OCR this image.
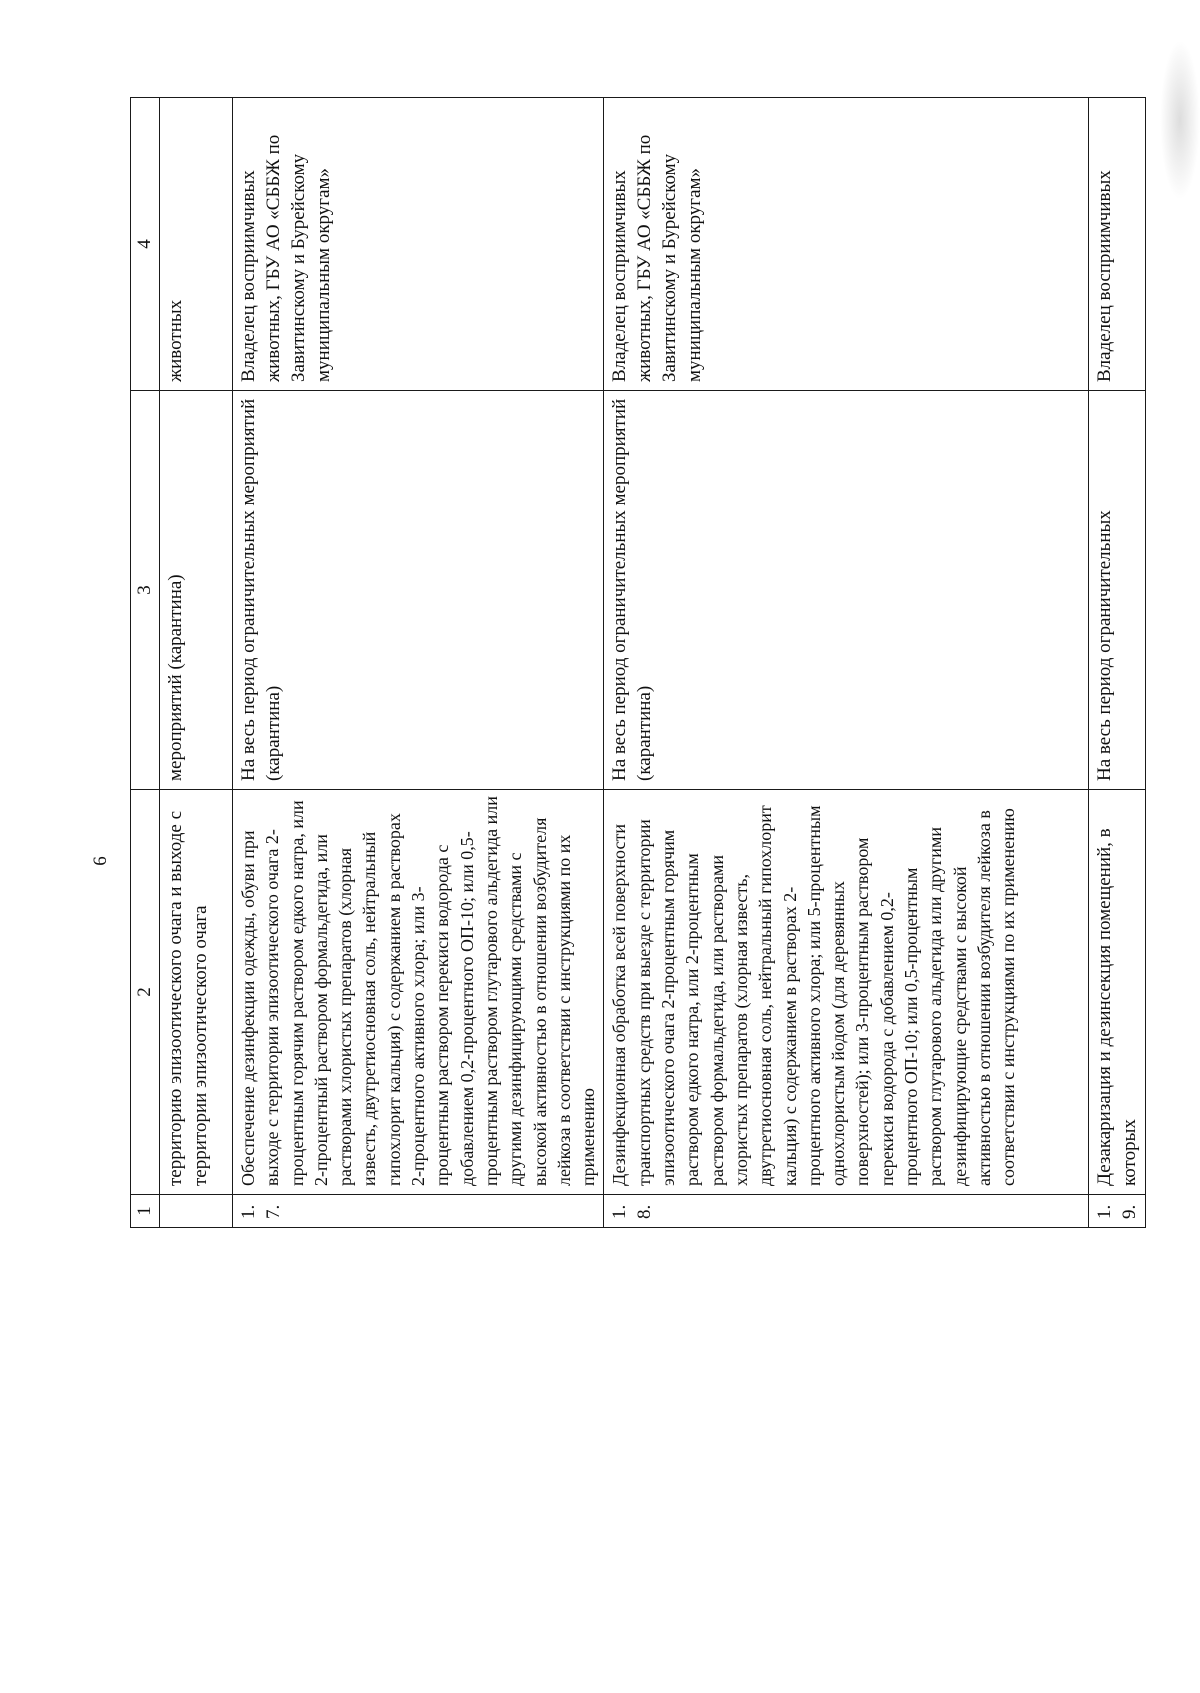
6
1	2	3	4
	территорию эпизоотического очага и выходе с территории эпизоотического очага	мероприятий (карантина)	животных
1.7.	Обеспечение дезинфекции одежды, обуви при выходе с территории эпизоотического очага 2-процентным горячим раствором едкого натра, или 2-процентный раствором формальдегида, или растворами хлористых препаратов (хлорная известь, двутретиосновная соль, нейтральный гипохлорит кальция) с содержанием в растворах 2-процентного активного хлора; или 3-процентным раствором перекиси водорода с добавлением 0,2-процентного ОП-10; или 0,5-процентным раствором глутарового альдегида или другими дезинфицирующими средствами с высокой активностью в отношении возбудителя лейкоза в соответствии с инструкциями по их применению	На весь период ограничительных мероприятий (карантина)	Владелец восприимчивых животных, ГБУ АО «СББЖ по Завитинскому и Бурейскому муниципальным округам»
1.8.	Дезинфекционная обработка всей поверхности транспортных средств при выезде с территории эпизоотического очага 2-процентным горячим раствором едкого натра, или 2-процентным раствором формальдегида, или растворами хлористых препаратов (хлорная известь, двутретиосновная соль, нейтральный гипохлорит кальция) с содержанием в растворах 2-процентного активного хлора; или 5-процентным однохлористым йодом (для деревянных поверхностей); или 3-процентным раствором перекиси водорода с добавлением 0,2-процентного ОП-10; или 0,5-процентным раствором глутарового альдегида или другими дезинфицирующие средствами с высокой активностью в отношении возбудителя лейкоза в соответствии с инструкциями по их применению	На весь период ограничительных мероприятий (карантина)	Владелец восприимчивых животных, ГБУ АО «СББЖ по Завитинскому и Бурейскому муниципальным округам»
1.9.	Дезакаризация и дезинсекция помещений, в которых	На весь период ограничительных	Владелец восприимчивых
